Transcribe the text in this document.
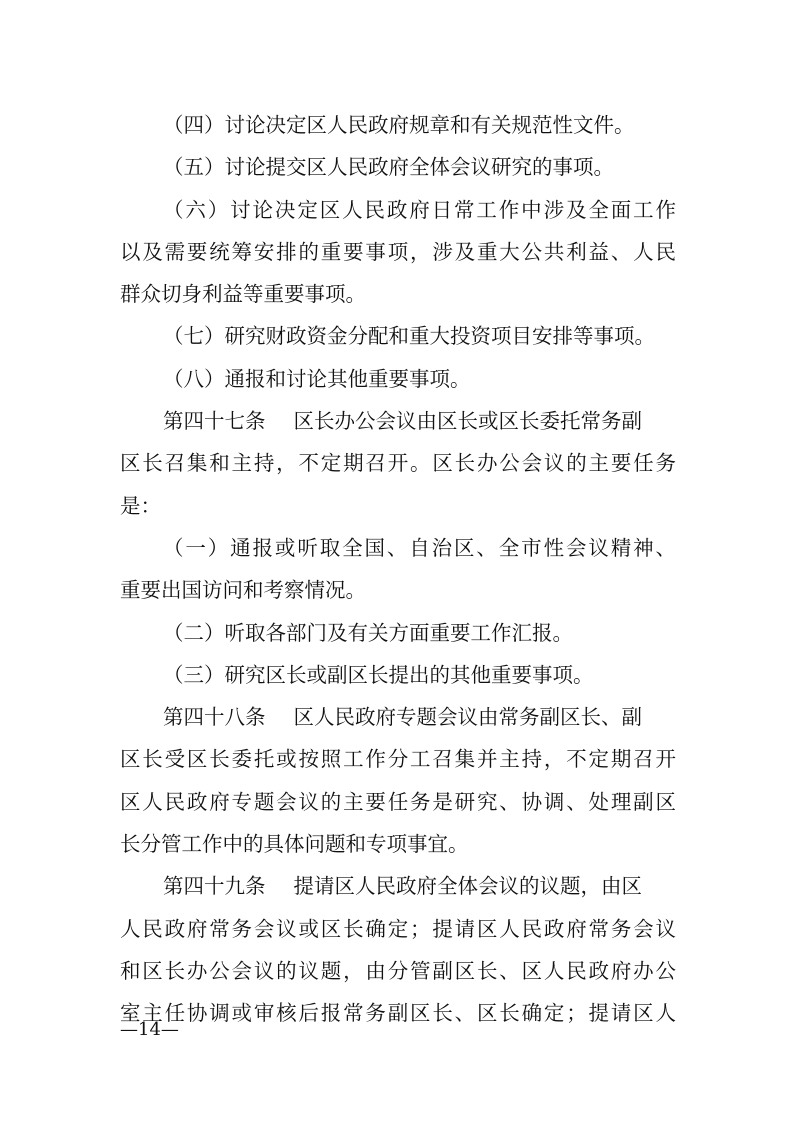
（四）讨论决定区人民政府规章和有关规范性文件。
（五）讨论提交区人民政府全体会议研究的事项。
（六）讨论决定区人民政府日常工作中涉及全面工作
以及需要统筹安排的重要事项，涉及重大公共利益、人民
群众切身利益等重要事项。
（七）研究财政资金分配和重大投资项目安排等事项。
（八）通报和讨论其他重要事项。
第四十七条 区长办公会议由区长或区长委托常务副
区长召集和主持，不定期召开。区长办公会议的主要任务
是：
（一）通报或听取全国、自治区、全市性会议精神、
重要出国访问和考察情况。
（二）听取各部门及有关方面重要工作汇报。
（三）研究区长或副区长提出的其他重要事项。
第四十八条 区人民政府专题会议由常务副区长、副
区长受区长委托或按照工作分工召集并主持，不定期召开
区人民政府专题会议的主要任务是研究、协调、处理副区
长分管工作中的具体问题和专项事宜。
第四十九条 提请区人民政府全体会议的议题，由区
人民政府常务会议或区长确定；提请区人民政府常务会议
和区长办公会议的议题，由分管副区长、区人民政府办公
室主任协调或审核后报常务副区长、区长确定；提请区人
—14—
